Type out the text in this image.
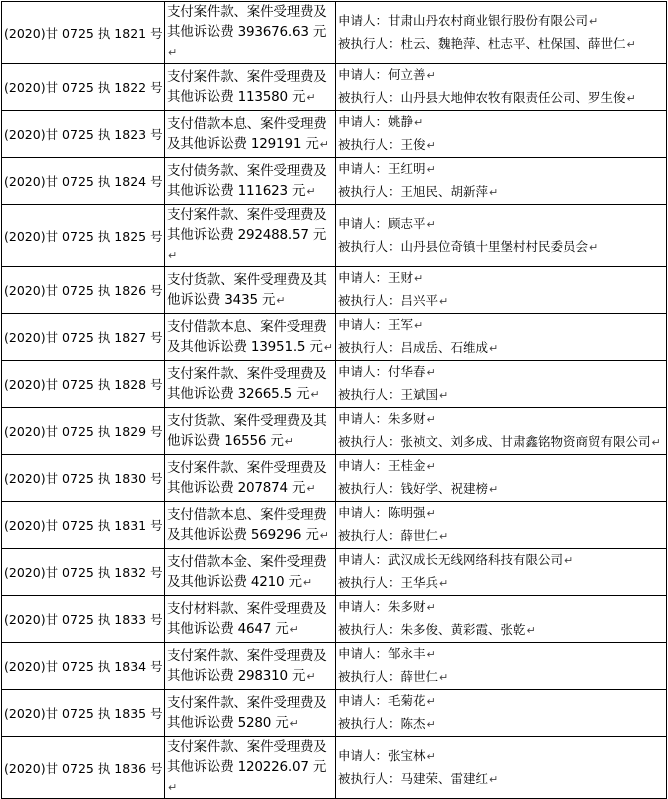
(2020)甘 0725 执 1821 号 ↵	支付案件款、案件受理费及其他诉讼费 393676.63 元 ↵	申请人：甘肃山丹农村商业银行股份有限公司 ↵
被执行人：杜云、魏艳萍、杜志平、杜保国、薛世仁 ↵

(2020)甘 0725 执 1822 号 ↵	支付案件款、案件受理费及其他诉讼费 113580 元 ↵	申请人：何立善 ↵
被执行人：山丹县大地伸农牧有限责任公司、罗生俊 ↵

(2020)甘 0725 执 1823 号 ↵	支付借款本息、案件受理费及其他诉讼费 129191 元 ↵	申请人：姚静 ↵
被执行人：王俊 ↵

(2020)甘 0725 执 1824 号 ↵	支付债务款、案件受理费及其他诉讼费 111623 元 ↵	申请人：王红明 ↵
被执行人：王旭民、胡新萍 ↵

(2020)甘 0725 执 1825 号 ↵	支付案件款、案件受理费及其他诉讼费 292488.57 元 ↵	申请人：顾志平 ↵
被执行人：山丹县位奇镇十里堡村村民委员会 ↵

(2020)甘 0725 执 1826 号 ↵	支付货款、案件受理费及其他诉讼费 3435 元 ↵	申请人：王财 ↵
被执行人：吕兴平 ↵

(2020)甘 0725 执 1827 号 ↵	支付借款本息、案件受理费及其他诉讼费 13951.5 元 ↵	申请人：王军 ↵
被执行人：吕成岳、石维成 ↵

(2020)甘 0725 执 1828 号 ↵	支付案件款、案件受理费及其他诉讼费 32665.5 元 ↵	申请人：付华春 ↵
被执行人：王斌国 ↵

(2020)甘 0725 执 1829 号 ↵	支付货款、案件受理费及其他诉讼费 16556 元 ↵	申请人：朱多财 ↵
被执行人：张祯文、刘多成、甘肃鑫铭物资商贸有限公司 ↵

(2020)甘 0725 执 1830 号 ↵	支付案件款、案件受理费及其他诉讼费 207874 元 ↵	申请人：王桂金 ↵
被执行人：钱好学、祝建榜 ↵

(2020)甘 0725 执 1831 号 ↵	支付借款本息、案件受理费及其他诉讼费 569296 元 ↵	申请人：陈明强 ↵
被执行人：薛世仁 ↵

(2020)甘 0725 执 1832 号 ↵	支付借款本金、案件受理费及其他诉讼费 4210 元 ↵	申请人：武汉成长无线网络科技有限公司 ↵
被执行人：王华兵 ↵

(2020)甘 0725 执 1833 号 ↵	支付材料款、案件受理费及其他诉讼费 4647 元 ↵	申请人：朱多财 ↵
被执行人：朱多俊、黄彩霞、张乾 ↵

(2020)甘 0725 执 1834 号 ↵	支付案件款、案件受理费及其他诉讼费 298310 元 ↵	申请人：邹永丰 ↵
被执行人：薛世仁 ↵

(2020)甘 0725 执 1835 号 ↵	支付案件款、案件受理费及其他诉讼费 5280 元 ↵	申请人：毛菊花 ↵
被执行人：陈杰 ↵

(2020)甘 0725 执 1836 号 ↵	支付案件款、案件受理费及其他诉讼费 120226.07 元 ↵	申请人：张宝林 ↵
被执行人：马建荣、雷建红 ↵
